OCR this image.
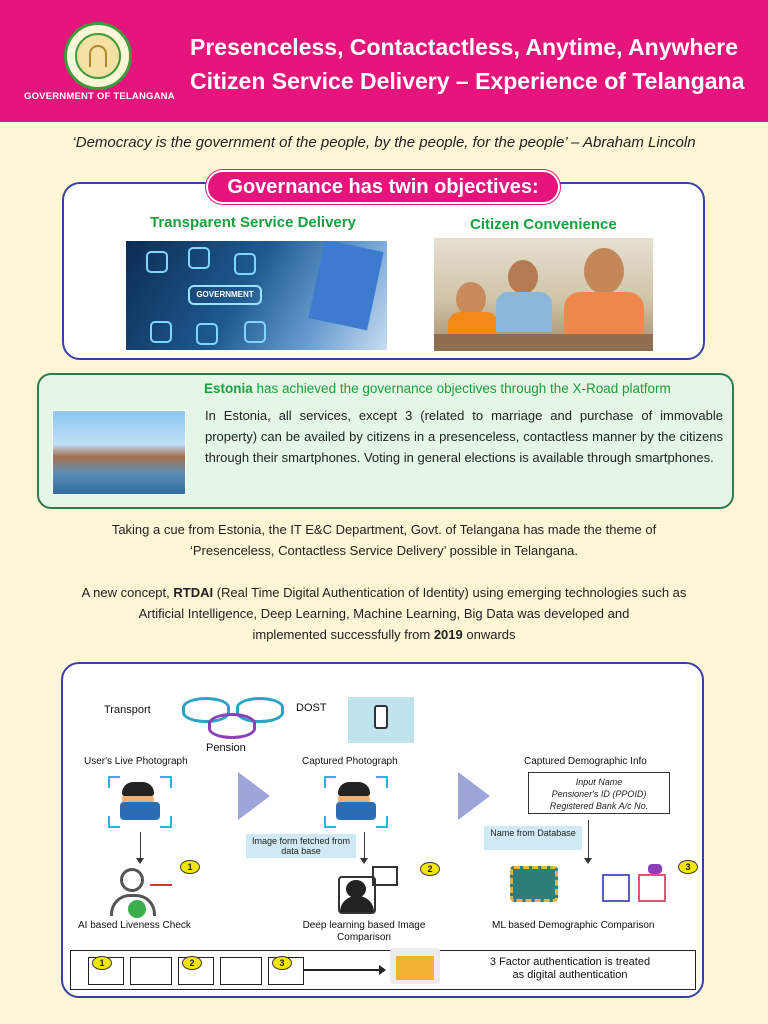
GOVERNMENT OF TELANGANA
Presenceless, Contactactless, Anytime, Anywhere
Citizen Service Delivery – Experience of Telangana
‘Democracy is the government of the people, by the people, for the people’ – Abraham Lincoln
Governance has twin objectives:
Transparent Service Delivery	Citizen Convenience
GOVERNMENT
Estonia has achieved the governance objectives through the X-Road platform
In Estonia, all services, except 3 (related to marriage and purchase of immovable property) can be availed by citizens in a presenceless, contactless manner by the citizens through their smartphones. Voting in general elections is available through smartphones.
Taking a cue from Estonia, the IT E&C Department, Govt. of Telangana has made the theme of
‘Presenceless, Contactless Service Delivery’ possible in Telangana.
A new concept, RTDAI (Real Time Digital Authentication of Identity) using emerging technologies such as
Artificial Intelligence, Deep Learning, Machine Learning, Big Data was developed and
implemented successfully from 2019 onwards
Transport
Pension
DOST
User's Live Photograph	Captured Photograph	Captured Demographic Info
Input Name
Pensioner's ID (PPOID)
Registered Bank A/c No.
Image form fetched from data base
Name from Database
1	2	3
AI based Liveness Check	Deep learning based Image Comparison
ML based Demographic Comparison
1	2	3	3 Factor authentication is treated
as digital authentication
